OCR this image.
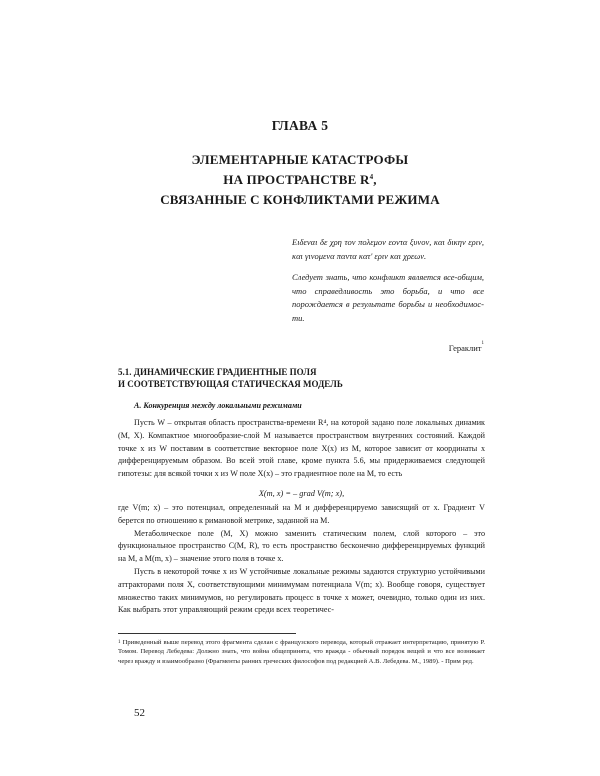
ГЛАВА 5
ЭЛЕМЕНТАРНЫЕ КАТАСТРОФЫ
НА ПРОСТРАНСТВЕ $R^4$,
СВЯЗАННЫЕ С КОНФЛИКТАМИ РЕЖИМА

Ειδεναι δε χρη τον πολεμον εοντα ξυνον, και δικην εριν, και γινομενα παντα κατ' εριν και χρεων.

Следует знать, что конфликт является все-общим, что справедливость это борьба, и что все порождается в результате борьбы и необходимос-ти.

Гераклит$^1$
5.1. ДИНАМИЧЕСКИЕ ГРАДИЕНТНЫЕ ПОЛЯ
И СООТВЕТСТВУЮЩАЯ СТАТИЧЕСКАЯ МОДЕЛЬ
A. Конкуренция между локальными режимами

Пусть W – открытая область пространства-времени R⁴, на которой задано поле локальных динамик (M, X). Компактное многообразие-слой M называется пространством внутренних состояний. Каждой точке x из W поставим в соответствие векторное поле X(x) из M, которое зависит от координаты x дифференцируемым образом. Во всей этой главе, кроме пункта 5.6, мы придерживаемся следующей гипотезы: для всякой точки x из W поле X(x) – это градиентное поле на M, то есть

X(m, x) = – grad V(m; x),

где V(m; x) – это потенциал, определенный на M и дифференцируемо зависящий от x. Градиент V берется по отношению к римановой метрике, заданной на M.

Метаболическое поле (M, X) можно заменить статическим полем, слой которого – это функциональное пространство C(M, R), то есть пространство бесконечно дифференцируемых функций на M, а M(m, x) – значение этого поля в точке x.

Пусть в некоторой точке x из W устойчивые локальные режимы задаются структурно устойчивыми аттракторами поля X, соответствующими минимумам потенциала V(m; x). Вообще говоря, существует множество таких минимумов, но регулировать процесс в точке x может, очевидно, только один из них. Как выбрать этот управляющий режим среди всех теоретичес-

$^1$ Приведенный выше перевод этого фрагмента сделан с французского перевода, который отражает интерпретацию, принятую Р. Томом. Перевод Лебедева: Должно знать, что война общепринята, что вражда - обычный порядок вещей и что все возникает через вражду и взаимообразно (Фрагменты ранних греческих философов под редакцией А.В. Лебедева. М., 1989). - Прим ред.
52
